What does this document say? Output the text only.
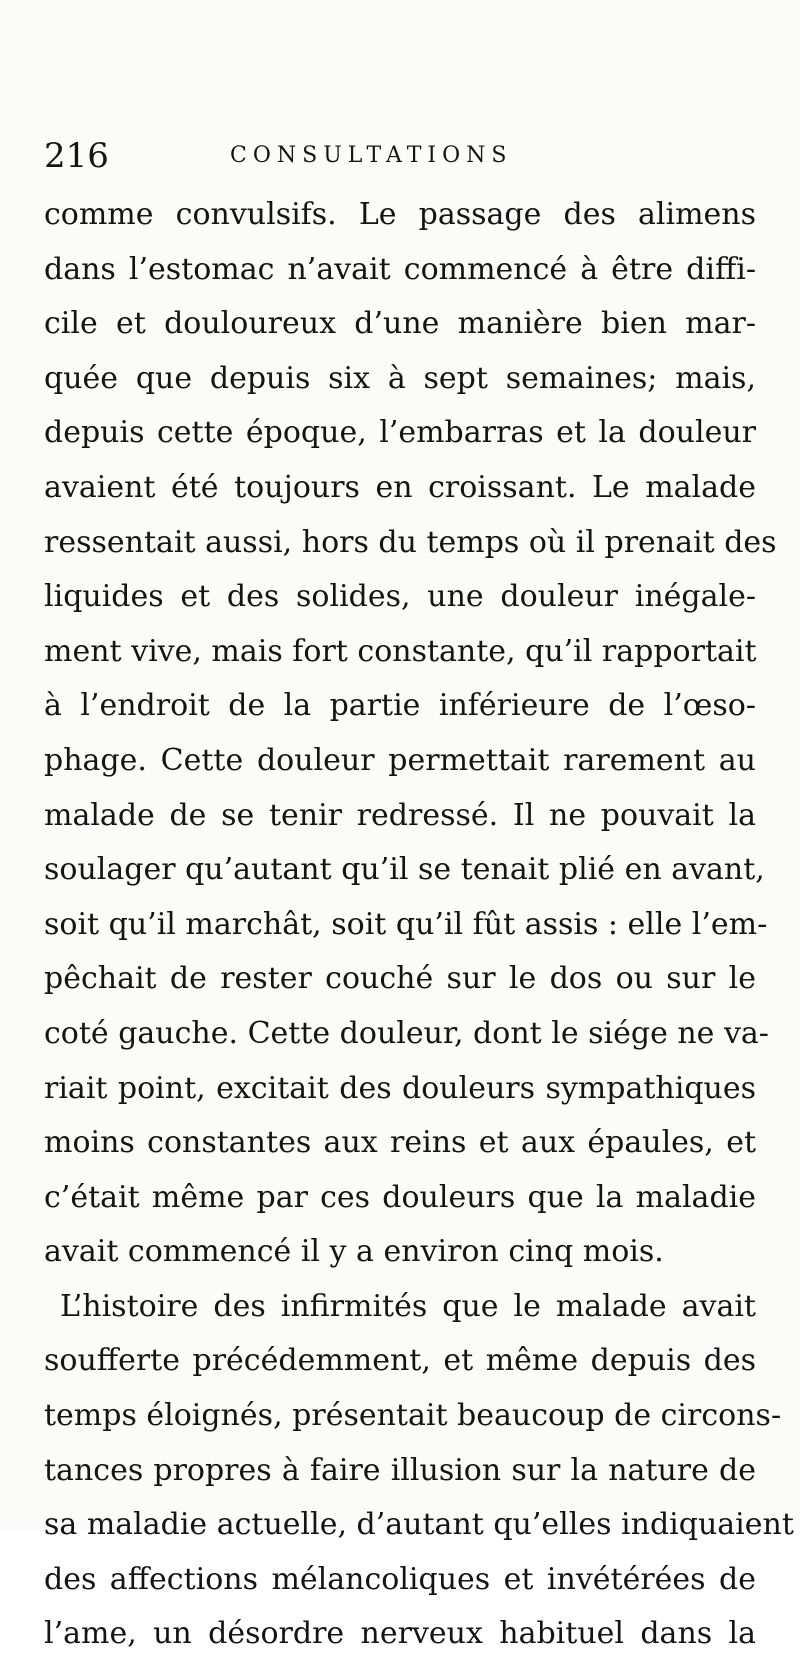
216	CONSULTATIONS
comme convulsifs. Le passage des alimens
dans l’estomac n’avait commencé à être diffi-
cile et douloureux d’une manière bien mar-
quée que depuis six à sept semaines; mais,
depuis cette époque, l’embarras et la douleur
avaient été toujours en croissant. Le malade
ressentait aussi, hors du temps où il prenait des
liquides et des solides, une douleur inégale-
ment vive, mais fort constante, qu’il rapportait
à l’endroit de la partie inférieure de l’œso-
phage. Cette douleur permettait rarement au
malade de se tenir redressé. Il ne pouvait la
soulager qu’autant qu’il se tenait plié en avant,
soit qu’il marchât, soit qu’il fût assis : elle l’em-
pêchait de rester couché sur le dos ou sur le
coté gauche. Cette douleur, dont le siége ne va-
riait point, excitait des douleurs sympathiques
moins constantes aux reins et aux épaules, et
c’était même par ces douleurs que la maladie
avait commencé il y a environ cinq mois.
L’histoire des infirmités que le malade avait
soufferte précédemment, et même depuis des
temps éloignés, présentait beaucoup de circons-
tances propres à faire illusion sur la nature de
sa maladie actuelle, d’autant qu’elles indiquaient
des affections mélancoliques et invétérées de
l’ame, un désordre nerveux habituel dans la
